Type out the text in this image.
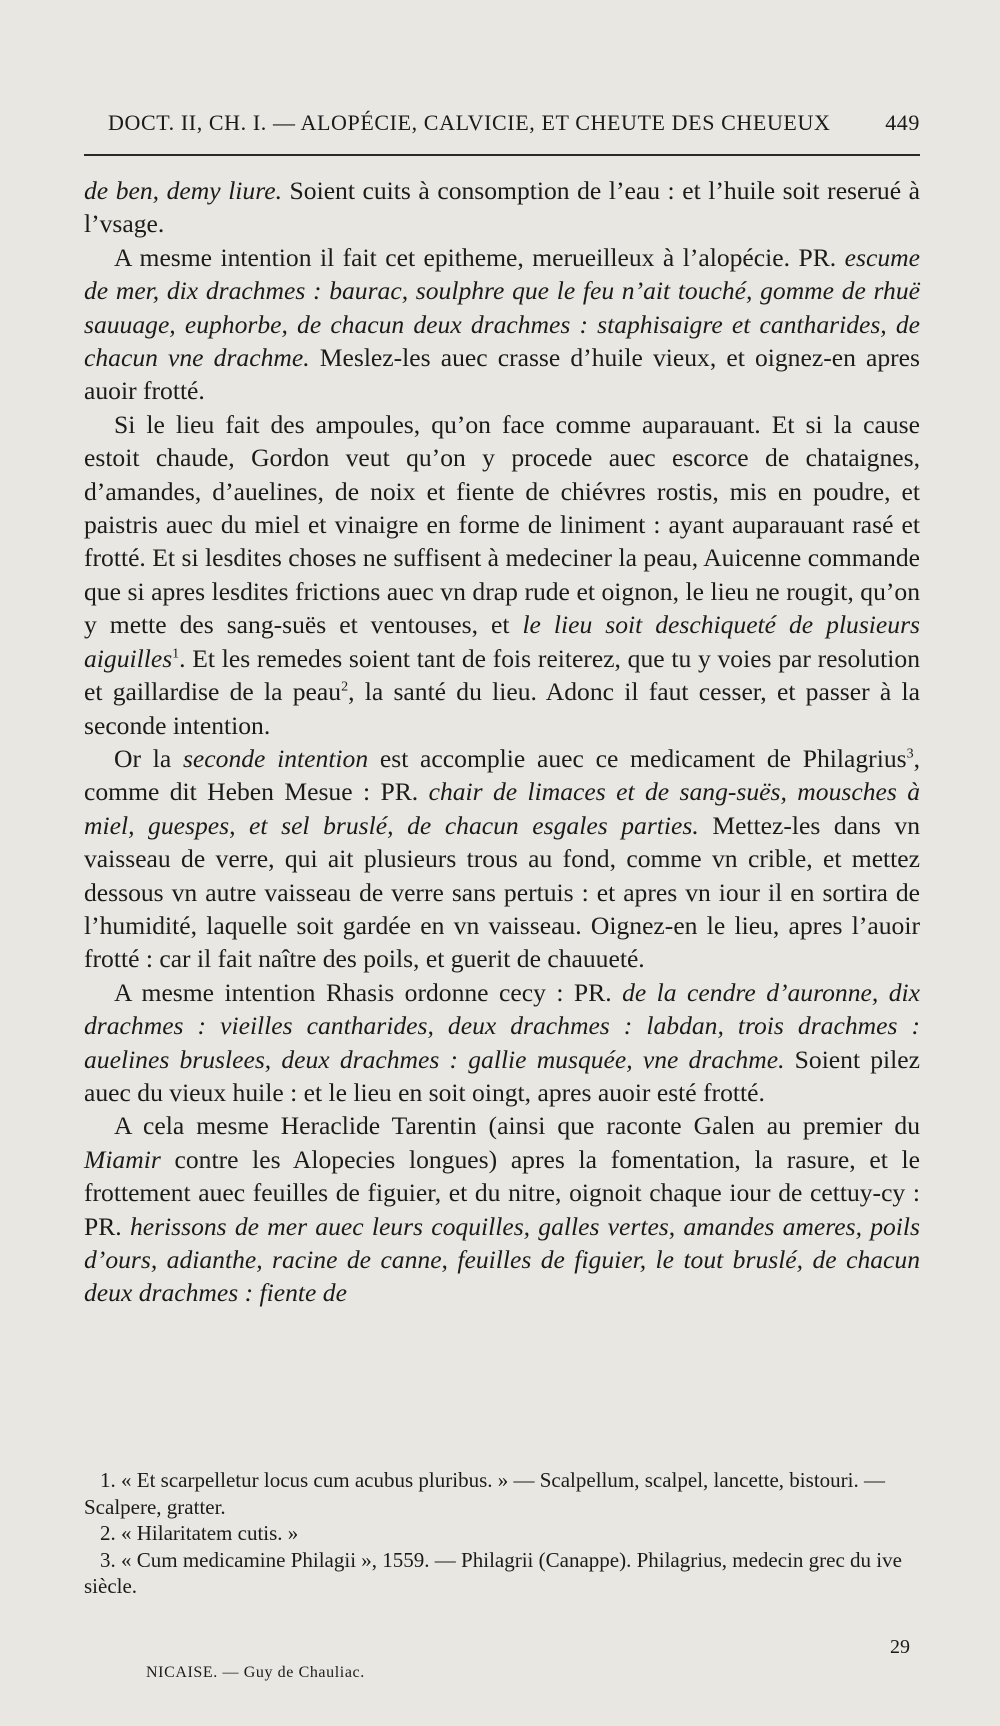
DOCT. II, CH. I. — ALOPÉCIE, CALVICIE, ET CHEUTE DES CHEUEUX 449

de ben, demy liure. Soient cuits à consomption de l’eau : et l’huile soit reserué à l’vsage.

A mesme intention il fait cet epitheme, merueilleux à l’alopécie. PR. escume de mer, dix drachmes : baurac, soulphre que le feu n’ait touché, gomme de rhuë sauuage, euphorbe, de chacun deux drachmes : staphisaigre et cantharides, de chacun vne drachme. Meslez-les auec crasse d’huile vieux, et oignez-en apres auoir frotté.

Si le lieu fait des ampoules, qu’on face comme auparauant. Et si la cause estoit chaude, Gordon veut qu’on y procede auec escorce de chataignes, d’amandes, d’auelines, de noix et fiente de chiévres rostis, mis en poudre, et paistris auec du miel et vinaigre en forme de liniment : ayant auparauant rasé et frotté. Et si lesdites choses ne suffisent à medeciner la peau, Auicenne commande que si apres lesdites frictions auec vn drap rude et oignon, le lieu ne rougit, qu’on y mette des sang-suës et ventouses, et le lieu soit deschiqueté de plusieurs aiguilles$^1$. Et les remedes soient tant de fois reiterez, que tu y voies par resolution et gaillardise de la peau$^2$, la santé du lieu. Adonc il faut cesser, et passer à la seconde intention.

Or la seconde intention est accomplie auec ce medicament de Philagrius$^3$, comme dit Heben Mesue : PR. chair de limaces et de sang-suës, mousches à miel, guespes, et sel bruslé, de chacun esgales parties. Mettez-les dans vn vaisseau de verre, qui ait plusieurs trous au fond, comme vn crible, et mettez dessous vn autre vaisseau de verre sans pertuis : et apres vn iour il en sortira de l’humidité, laquelle soit gardée en vn vaisseau. Oignez-en le lieu, apres l’auoir frotté : car il fait naître des poils, et guerit de chauueté.

A mesme intention Rhasis ordonne cecy : PR. de la cendre d’auronne, dix drachmes : vieilles cantharides, deux drachmes : labdan, trois drachmes : auelines bruslees, deux drachmes : gallie musquée, vne drachme. Soient pilez auec du vieux huile : et le lieu en soit oingt, apres auoir esté frotté.

A cela mesme Heraclide Tarentin (ainsi que raconte Galen au premier du Miamir contre les Alopecies longues) apres la fomentation, la rasure, et le frottement auec feuilles de figuier, et du nitre, oignoit chaque iour de cettuy-cy : PR. herissons de mer auec leurs coquilles, galles vertes, amandes ameres, poils d’ours, adianthe, racine de canne, feuilles de figuier, le tout bruslé, de chacun deux drachmes : fiente de

1. « Et scarpelletur locus cum acubus pluribus. » — Scalpellum, scalpel, lancette, bistouri. — Scalpere, gratter.

2. « Hilaritatem cutis. »

3. « Cum medicamine Philagii », 1559. — Philagrii (Canappe). Philagrius, medecin grec du ive siècle.

29
NICAISE. — Guy de Chauliac.
